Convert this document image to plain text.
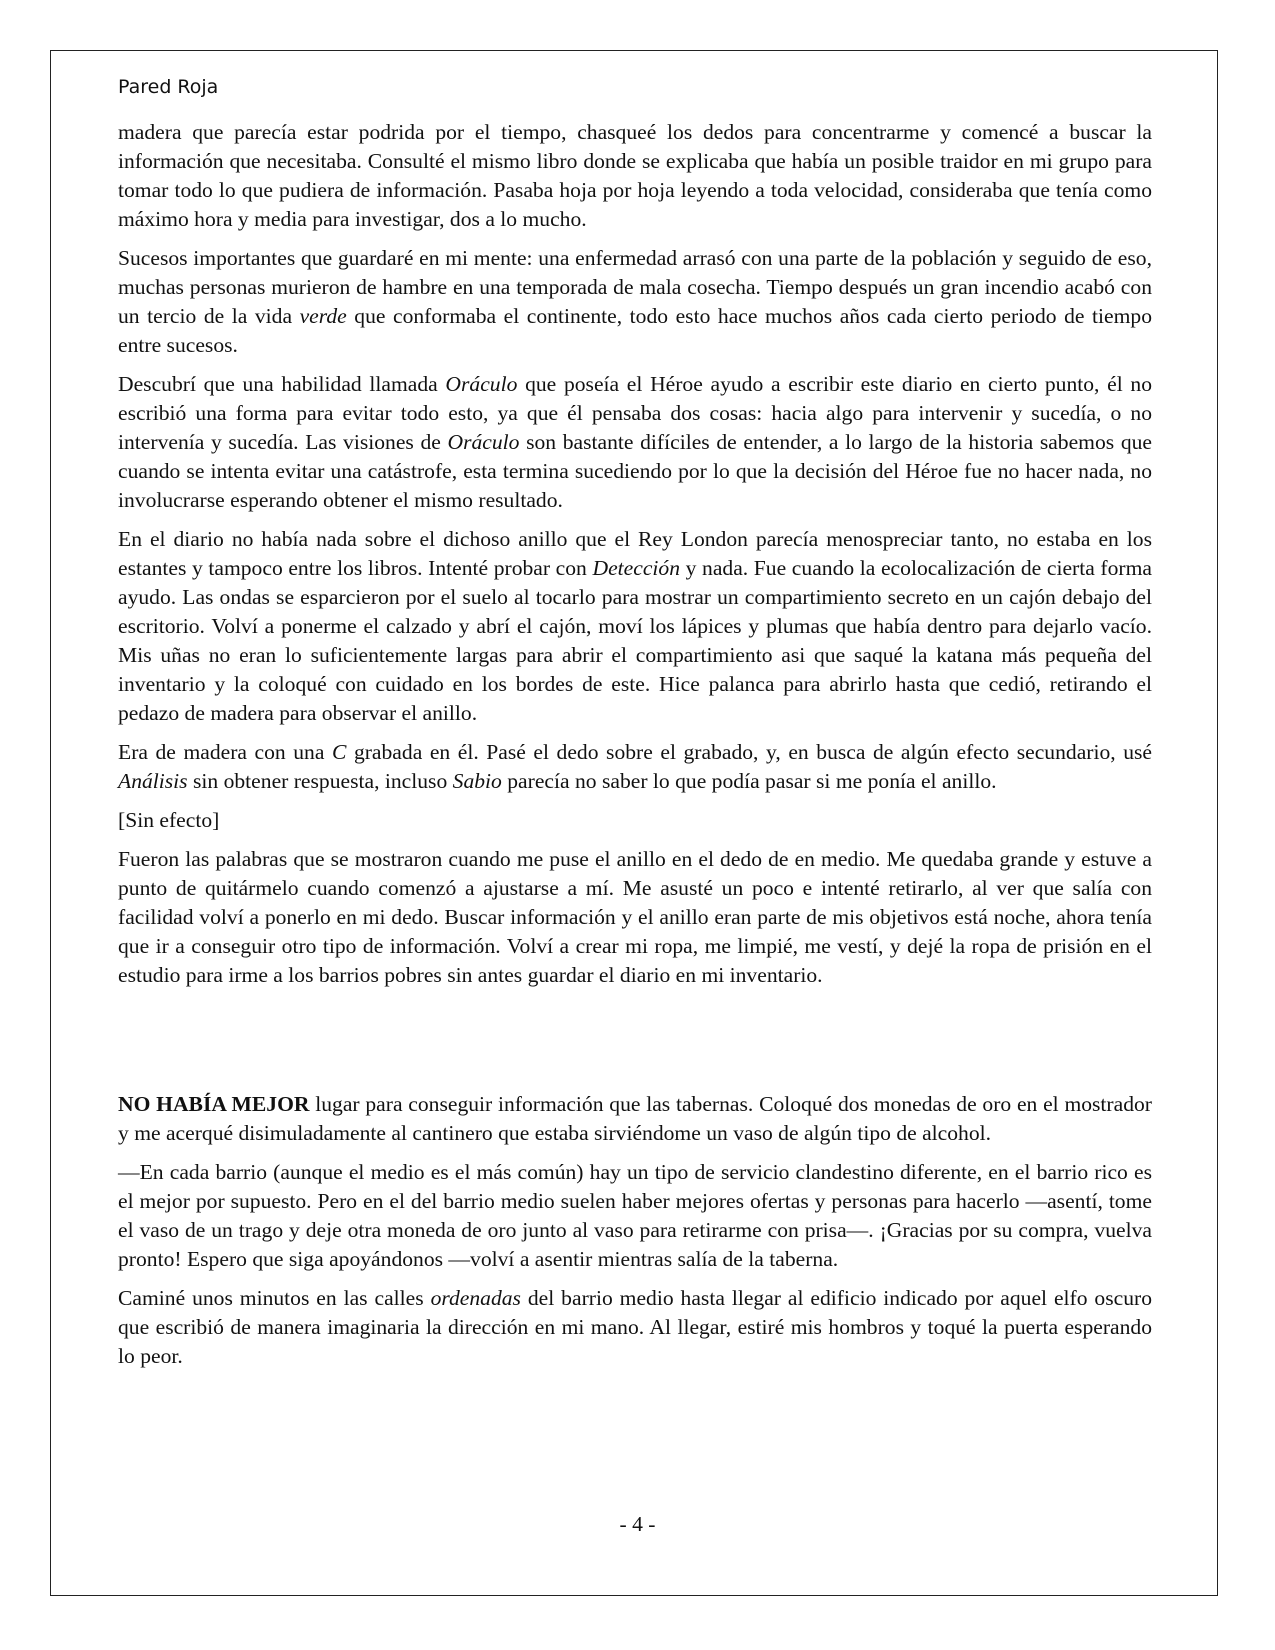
Pared Roja

madera que parecía estar podrida por el tiempo, chasqueé los dedos para concentrarme y comencé a buscar la información que necesitaba. Consulté el mismo libro donde se explicaba que había un posible traidor en mi grupo para tomar todo lo que pudiera de información. Pasaba hoja por hoja leyendo a toda velocidad, consideraba que tenía como máximo hora y media para investigar, dos a lo mucho.

Sucesos importantes que guardaré en mi mente: una enfermedad arrasó con una parte de la población y seguido de eso, muchas personas murieron de hambre en una temporada de mala cosecha. Tiempo después un gran incendio acabó con un tercio de la vida verde que conformaba el continente, todo esto hace muchos años cada cierto periodo de tiempo entre sucesos.

Descubrí que una habilidad llamada Oráculo que poseía el Héroe ayudo a escribir este diario en cierto punto, él no escribió una forma para evitar todo esto, ya que él pensaba dos cosas: hacia algo para intervenir y sucedía, o no intervenía y sucedía. Las visiones de Oráculo son bastante difíciles de entender, a lo largo de la historia sabemos que cuando se intenta evitar una catástrofe, esta termina sucediendo por lo que la decisión del Héroe fue no hacer nada, no involucrarse esperando obtener el mismo resultado.

En el diario no había nada sobre el dichoso anillo que el Rey London parecía menospreciar tanto, no estaba en los estantes y tampoco entre los libros. Intenté probar con Detección y nada. Fue cuando la ecolocalización de cierta forma ayudo. Las ondas se esparcieron por el suelo al tocarlo para mostrar un compartimiento secreto en un cajón debajo del escritorio. Volví a ponerme el calzado y abrí el cajón, moví los lápices y plumas que había dentro para dejarlo vacío. Mis uñas no eran lo suficientemente largas para abrir el compartimiento asi que saqué la katana más pequeña del inventario y la coloqué con cuidado en los bordes de este. Hice palanca para abrirlo hasta que cedió, retirando el pedazo de madera para observar el anillo.

Era de madera con una C grabada en él. Pasé el dedo sobre el grabado, y, en busca de algún efecto secundario, usé Análisis sin obtener respuesta, incluso Sabio parecía no saber lo que podía pasar si me ponía el anillo.

[Sin efecto]

Fueron las palabras que se mostraron cuando me puse el anillo en el dedo de en medio. Me quedaba grande y estuve a punto de quitármelo cuando comenzó a ajustarse a mí. Me asusté un poco e intenté retirarlo, al ver que salía con facilidad volví a ponerlo en mi dedo. Buscar información y el anillo eran parte de mis objetivos está noche, ahora tenía que ir a conseguir otro tipo de información. Volví a crear mi ropa, me limpié, me vestí, y dejé la ropa de prisión en el estudio para irme a los barrios pobres sin antes guardar el diario en mi inventario.

NO HABÍA MEJOR lugar para conseguir información que las tabernas. Coloqué dos monedas de oro en el mostrador y me acerqué disimuladamente al cantinero que estaba sirviéndome un vaso de algún tipo de alcohol.

—En cada barrio (aunque el medio es el más común) hay un tipo de servicio clandestino diferente, en el barrio rico es el mejor por supuesto. Pero en el del barrio medio suelen haber mejores ofertas y personas para hacerlo —asentí, tome el vaso de un trago y deje otra moneda de oro junto al vaso para retirarme con prisa—. ¡Gracias por su compra, vuelva pronto! Espero que siga apoyándonos —volví a asentir mientras salía de la taberna.

Caminé unos minutos en las calles ordenadas del barrio medio hasta llegar al edificio indicado por aquel elfo oscuro que escribió de manera imaginaria la dirección en mi mano. Al llegar, estiré mis hombros y toqué la puerta esperando lo peor.

- 4 -
